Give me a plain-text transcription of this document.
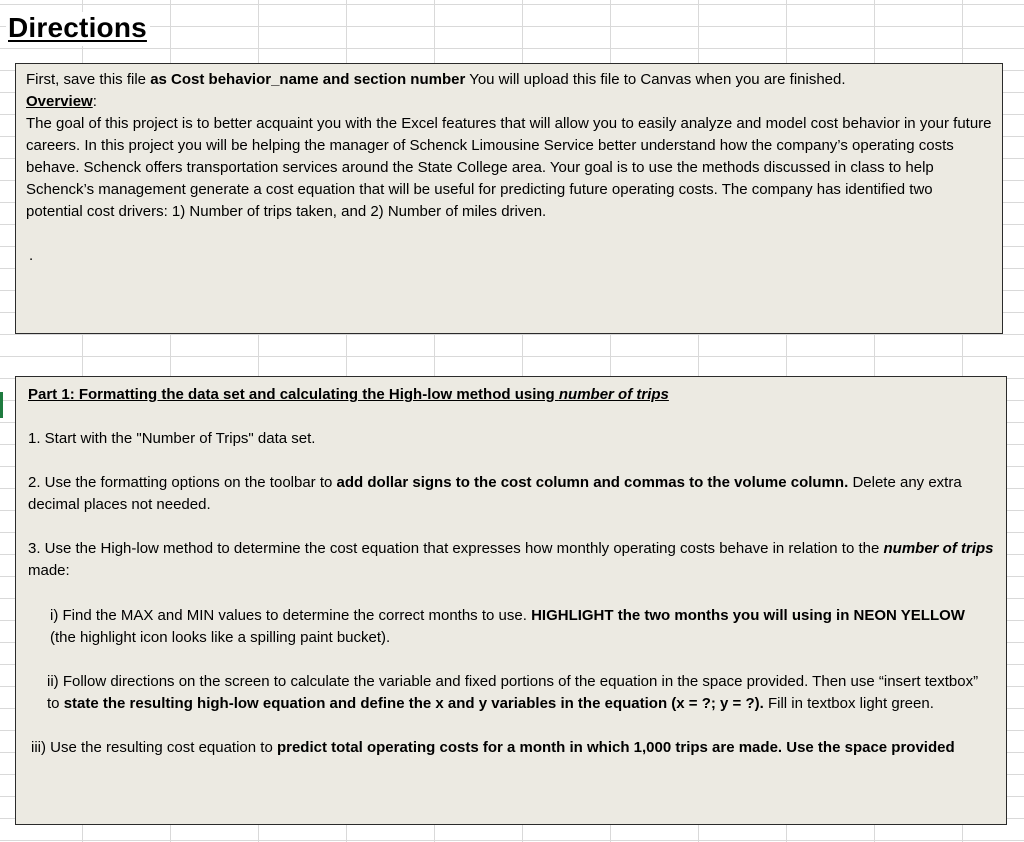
Directions

First, save this file as Cost behavior_name and section number You will upload this file to Canvas when you are finished.

Overview:

The goal of this project is to better acquaint you with the Excel features that will allow you to easily analyze and model cost behavior in your future careers. In this project you will be helping the manager of Schenck Limousine Service better understand how the company’s operating costs behave. Schenck offers transportation services around the State College area. Your goal is to use the methods discussed in class to help Schenck’s management generate a cost equation that will be useful for predicting future operating costs. The company has identified two potential cost drivers: 1) Number of trips taken, and 2) Number of miles driven.

.

Part 1: Formatting the data set and calculating the High-low method using number of trips

1. Start with the "Number of Trips" data set.

2. Use the formatting options on the toolbar to add dollar signs to the cost column and commas to the volume column. Delete any extra decimal places not needed.

3. Use the High-low method to determine the cost equation that expresses how monthly operating costs behave in relation to the number of trips made:

i) Find the MAX and MIN values to determine the correct months to use. HIGHLIGHT the two months you will using in NEON YELLOW (the highlight icon looks like a spilling paint bucket).

ii) Follow directions on the screen to calculate the variable and fixed portions of the equation in the space provided. Then use “insert textbox” to state the resulting high-low equation and define the x and y variables in the equation (x = ?; y = ?). Fill in textbox light green.

iii) Use the resulting cost equation to predict total operating costs for a month in which 1,000 trips are made. Use the space provided
